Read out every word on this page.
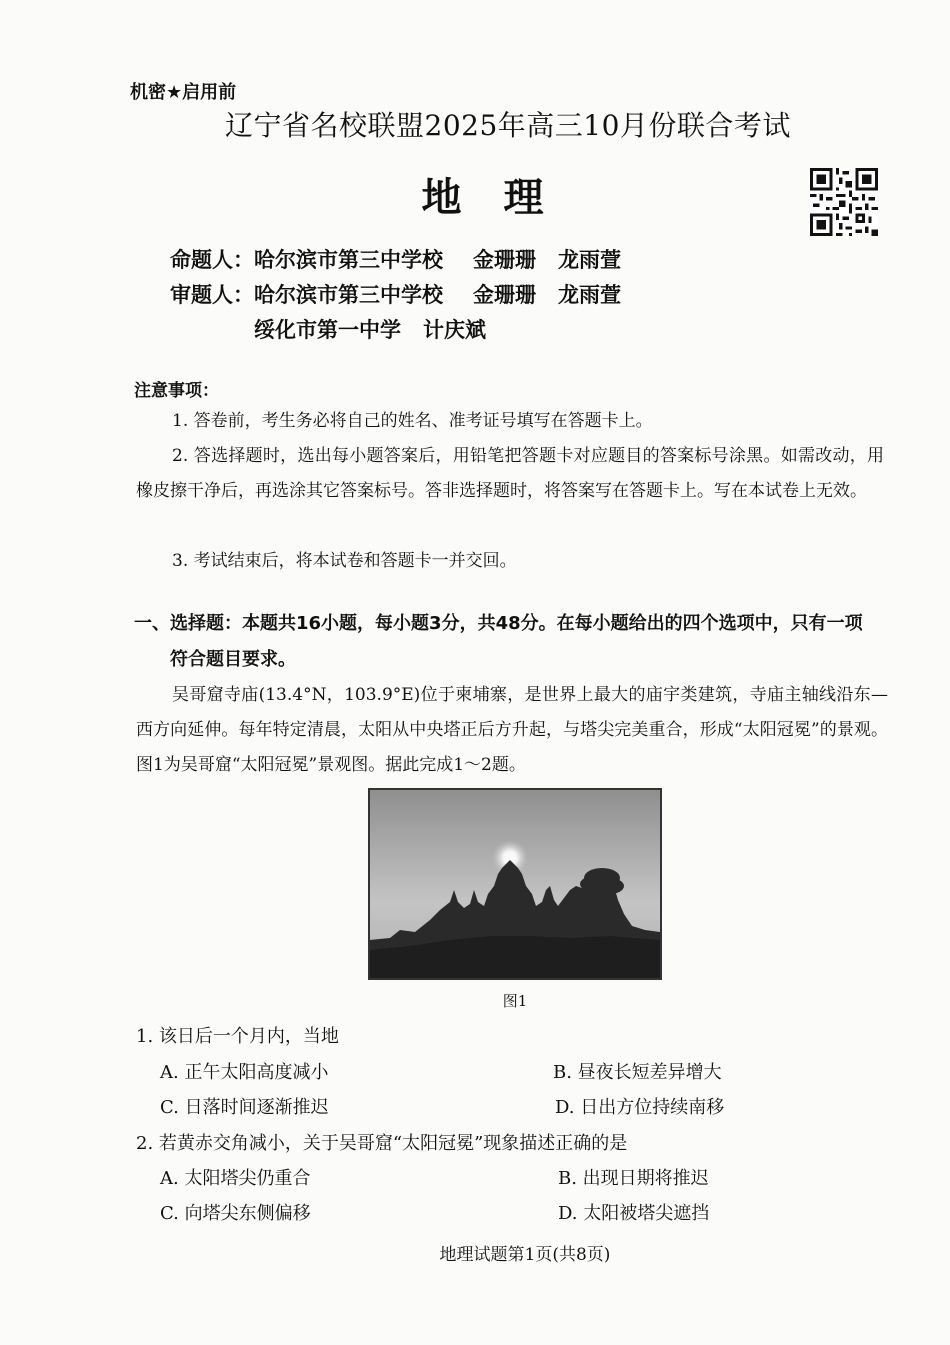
机密★启用前
辽宁省名校联盟2025年高三10月份联合考试
地理
命题人：哈尔滨市第三中学校 金珊珊 龙雨萱
审题人：哈尔滨市第三中学校 金珊珊 龙雨萱
绥化市第一中学 计庆斌
注意事项：
1. 答卷前，考生务必将自己的姓名、准考证号填写在答题卡上。
2. 答选择题时，选出每小题答案后，用铅笔把答题卡对应题目的答案标号涂黑。如需改动，用橡皮擦干净后，再选涂其它答案标号。答非选择题时，将答案写在答题卡上。写在本试卷上无效。
3. 考试结束后，将本试卷和答题卡一并交回。
一、选择题：本题共16小题，每小题3分，共48分。在每小题给出的四个选项中，只有一项
符合题目要求。
吴哥窟寺庙(13.4°N，103.9°E)位于柬埔寨，是世界上最大的庙宇类建筑，寺庙主轴线沿东—西方向延伸。每年特定清晨，太阳从中央塔正后方升起，与塔尖完美重合，形成“太阳冠冕”的景观。图1为吴哥窟“太阳冠冕”景观图。据此完成1～2题。
图1
1. 该日后一个月内，当地
A. 正午太阳高度减小	B. 昼夜长短差异增大
C. 日落时间逐渐推迟	D. 日出方位持续南移
2. 若黄赤交角减小，关于吴哥窟“太阳冠冕”现象描述正确的是
A. 太阳塔尖仍重合	B. 出现日期将推迟
C. 向塔尖东侧偏移	D. 太阳被塔尖遮挡
地理试题第1页(共8页)
